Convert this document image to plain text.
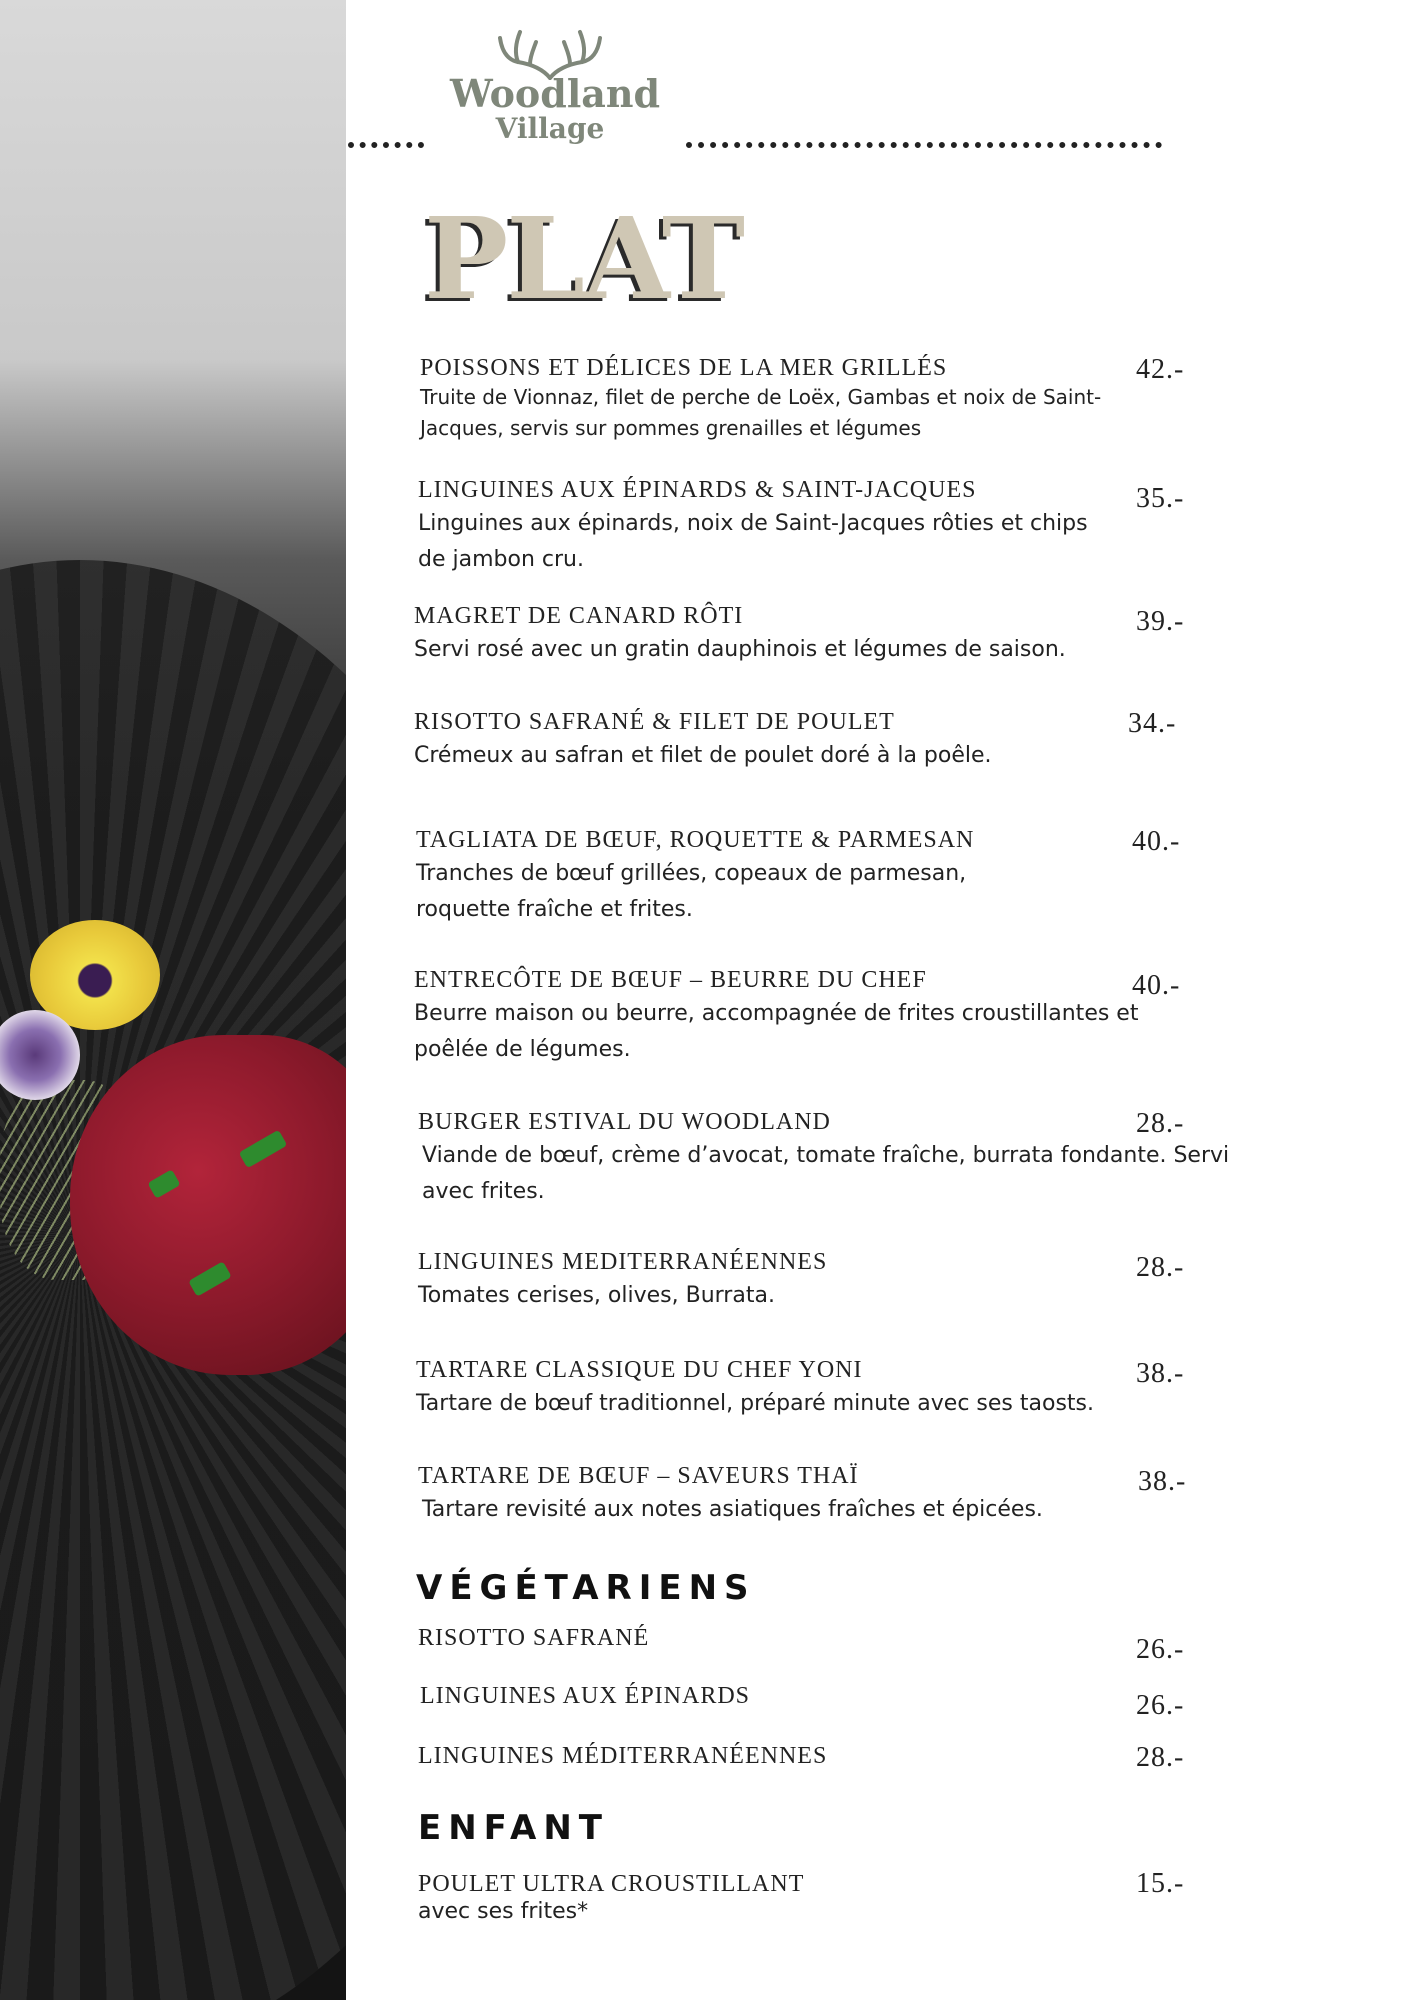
Woodland
Village
PLAT
POISSONS ET DÉLICES DE LA MER GRILLÉS
Truite de Vionnaz, filet de perche de Loëx, Gambas et noix de Saint-Jacques, servis sur pommes grenailles et légumes
42.-
LINGUINES AUX ÉPINARDS & SAINT-JACQUES
Linguines aux épinards, noix de Saint-Jacques rôties et chips de jambon cru.
35.-
MAGRET DE CANARD RÔTI
Servi rosé avec un gratin dauphinois et légumes de saison.
39.-
RISOTTO SAFRANÉ & FILET DE POULET
Crémeux au safran et filet de poulet doré à la poêle.
34.-
TAGLIATA DE BŒUF, ROQUETTE & PARMESAN
Tranches de bœuf grillées, copeaux de parmesan, roquette fraîche et frites.
40.-
ENTRECÔTE DE BŒUF – BEURRE DU CHEF
Beurre maison ou beurre, accompagnée de frites croustillantes et poêlée de légumes.
40.-
BURGER ESTIVAL DU WOODLAND
Viande de bœuf, crème d’avocat, tomate fraîche, burrata fondante. Servi avec frites.
28.-
LINGUINES MEDITERRANÉENNES
Tomates cerises, olives, Burrata.
28.-
TARTARE CLASSIQUE DU CHEF YONI
Tartare de bœuf traditionnel, préparé minute avec ses taosts.
38.-
TARTARE DE BŒUF – SAVEURS THAÏ
Tartare revisité aux notes asiatiques fraîches et épicées.
38.-
VÉGÉTARIENS
RISOTTO SAFRANÉ	26.-
LINGUINES AUX ÉPINARDS	26.-
LINGUINES MÉDITERRANÉENNES	28.-
ENFANT
POULET ULTRA CROUSTILLANT
avec ses frites*
15.-
